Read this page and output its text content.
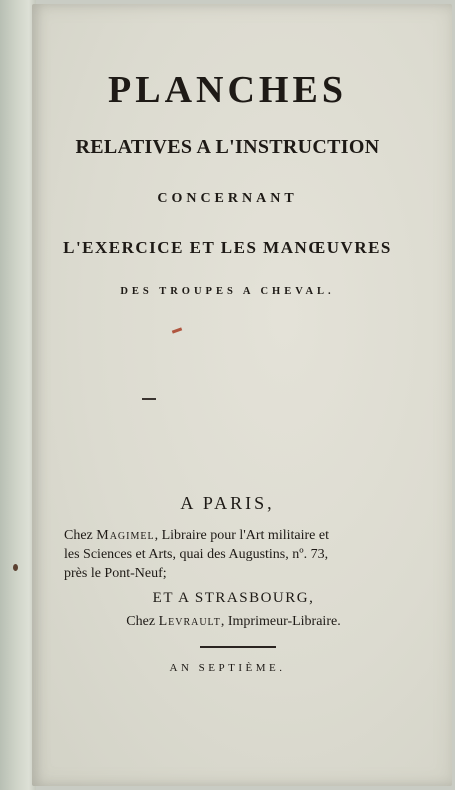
PLANCHES
RELATIVES A L'INSTRUCTION
CONCERNANT
L'EXERCICE ET LES MANŒUVRES
DES TROUPES A CHEVAL.
A PARIS,
Chez Magimel, Libraire pour l'Art militaire et
les Sciences et Arts, quai des Augustins, nº. 73,
près le Pont-Neuf;
ET A STRASBOURG,
Chez Levrault, Imprimeur-Libraire.
AN SEPTIÈME.
